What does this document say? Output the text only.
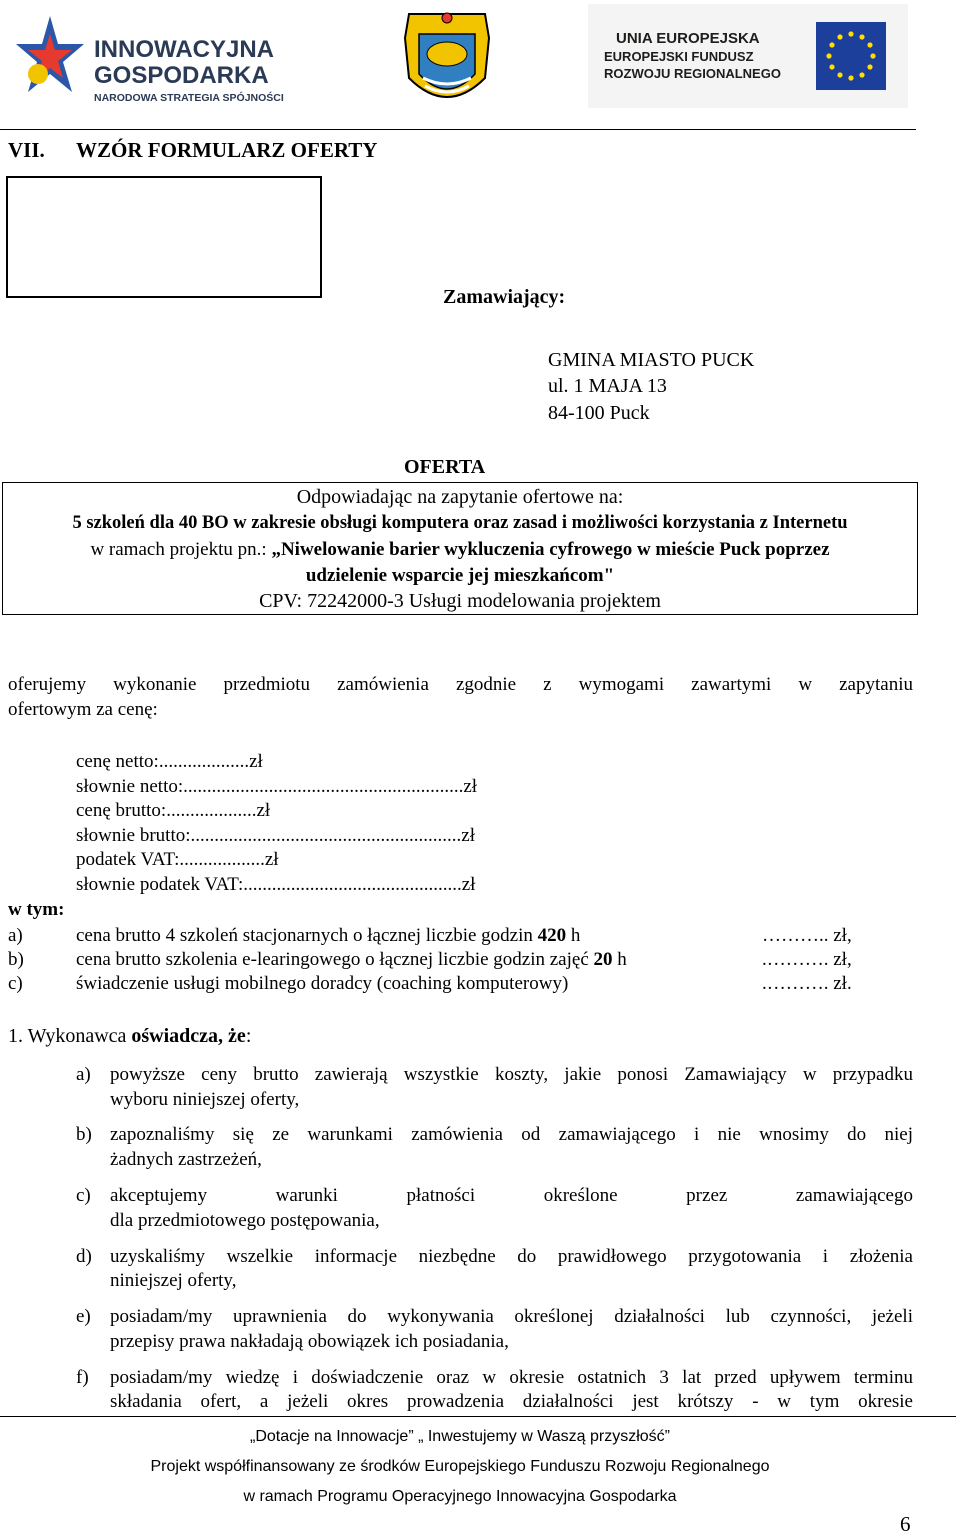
INNOWACYJNA
GOSPODARKA
NARODOWA STRATEGIA SPÓJNOŚCI
UNIA EUROPEJSKA
EUROPEJSKI FUNDUSZ
ROZWOJU REGIONALNEGO
VII. WZÓR FORMULARZ OFERTY
Zamawiający:
GMINA MIASTO PUCK
ul. 1 MAJA 13
84-100 Puck
OFERTA
Odpowiadając na zapytanie ofertowe na:
5 szkoleń dla 40 BO w zakresie obsługi komputera oraz zasad i możliwości korzystania z Internetu
w ramach projektu pn.: „Niwelowanie barier wykluczenia cyfrowego w mieście Puck poprzez
udzielenie wsparcie jej mieszkańcom"
CPV: 72242000-3 Usługi modelowania projektem
oferujemy wykonanie przedmiotu zamówienia zgodnie z wymogami zawartymi w zapytaniu
ofertowym za cenę:
cenę netto:...................zł
słownie netto:...........................................................zł
cenę brutto:...................zł
słownie brutto:.........................................................zł
podatek VAT:..................zł
słownie podatek VAT:..............................................zł
w tym:
a)	cena brutto 4 szkoleń stacjonarnych o łącznej liczbie godzin 420 h	……….. zł,
b)	cena brutto szkolenia e-learingowego o łącznej liczbie godzin zajęć 20 h	.………. zł,
c)	świadczenie usługi mobilnego doradcy (coaching komputerowy)	.………. zł.
1. Wykonawca oświadcza, że:
a) powyższe ceny brutto zawierają wszystkie koszty, jakie ponosi Zamawiający w przypadku
wyboru niniejszej oferty,
b) zapoznaliśmy się ze warunkami zamówienia od zamawiającego i nie wnosimy do niej
żadnych zastrzeżeń,
c) akceptujemy warunki płatności określone przez zamawiającego
dla przedmiotowego postępowania,
d) uzyskaliśmy wszelkie informacje niezbędne do prawidłowego przygotowania i złożenia
niniejszej oferty,
e) posiadam/my uprawnienia do wykonywania określonej działalności lub czynności, jeżeli
przepisy prawa nakładają obowiązek ich posiadania,
f) posiadam/my wiedzę i doświadczenie oraz w okresie ostatnich 3 lat przed upływem terminu
składania ofert, a jeżeli okres prowadzenia działalności jest krótszy - w tym okresie
„Dotacje na Innowacje” „ Inwestujemy w Waszą przyszłość”
Projekt współfinansowany ze środków Europejskiego Funduszu Rozwoju Regionalnego
w ramach Programu Operacyjnego Innowacyjna Gospodarka
6
